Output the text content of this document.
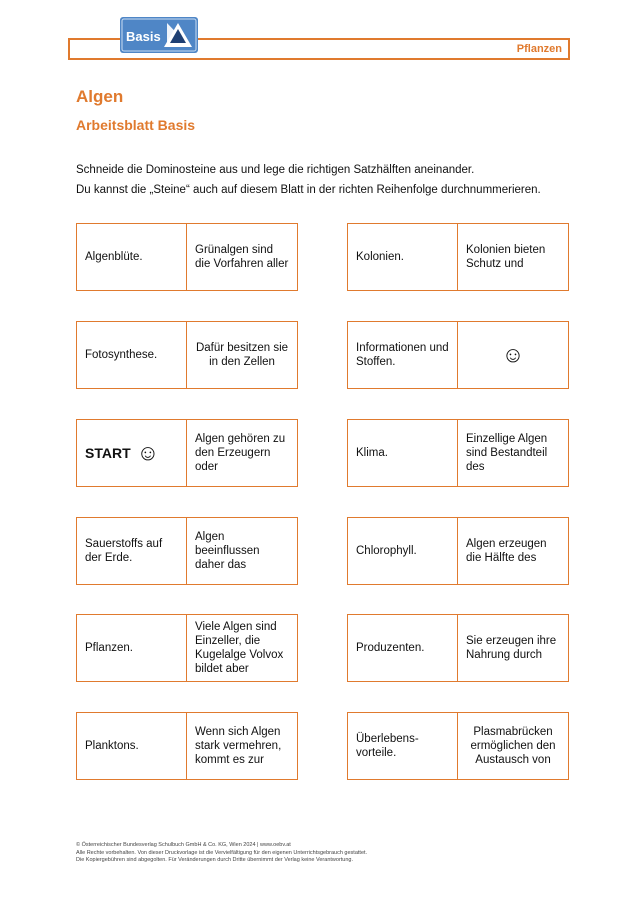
Pflanzen
Basis
Algen
Arbeitsblatt Basis
Schneide die Dominosteine aus und lege die richtigen Satzhälften aneinander.
Du kannst die „Steine“ auch auf diesem Blatt in der richten Reihenfolge durchnummerieren.
Algenblüte.
Grünalgen sind die Vorfahren aller
Kolonien.
Kolonien bieten Schutz und
Fotosynthese.
Dafür besitzen sie in den Zellen
Informationen und Stoffen.	☺
START ☺
Algen gehören zu den Erzeugern oder
Klima.
Einzellige Algen sind Bestandteil des
Sauerstoffs auf der Erde.
Algen beeinflussen daher das
Chlorophyll.
Algen erzeugen die Hälfte des
Pflanzen.
Viele Algen sind Einzeller, die Kugelalge Volvox bildet aber
Produzenten.
Sie erzeugen ihre Nahrung durch
Planktons.
Wenn sich Algen stark vermehren, kommt es zur
Überlebens-vorteile.
Plasmabrücken ermöglichen den Austausch von
© Österreichischer Bundesverlag Schulbuch GmbH & Co. KG, Wien 2024 | www.oebv.at
Alle Rechte vorbehalten. Von dieser Druckvorlage ist die Vervielfältigung für den eigenen Unterrichtsgebrauch gestattet.
Die Kopiergebühren sind abgegolten. Für Veränderungen durch Dritte übernimmt der Verlag keine Verantwortung.
